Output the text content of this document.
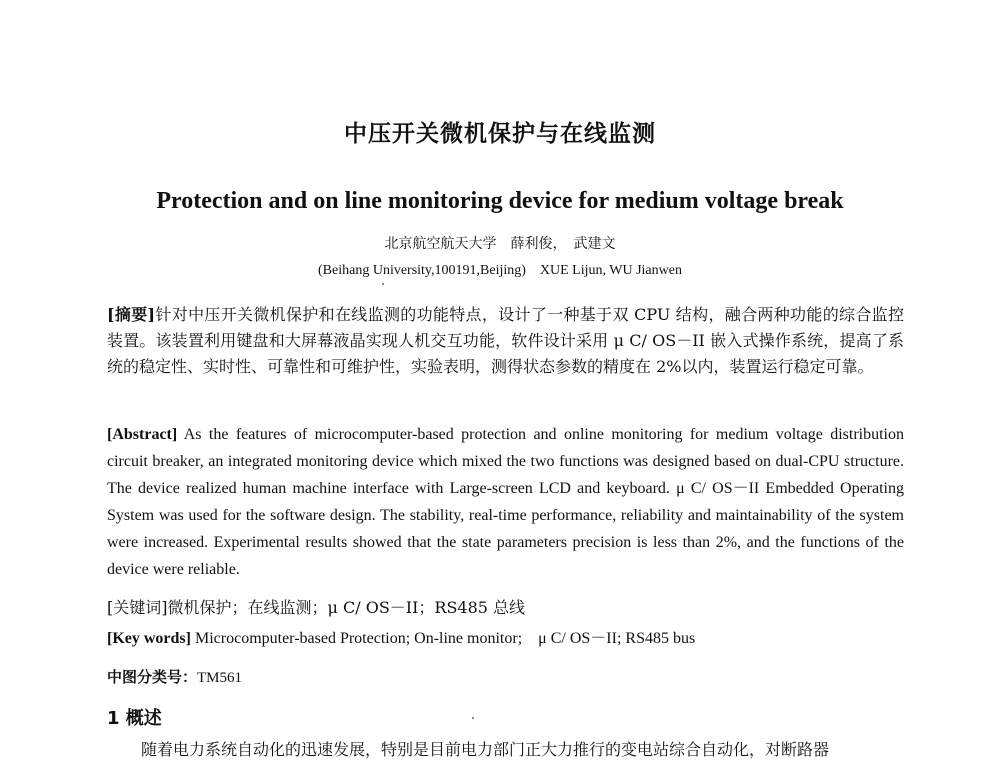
中压开关微机保护与在线监测
Protection and on line monitoring device for medium voltage break
北京航空航天大学　薛利俊，　武建文
(Beihang University,100191,Beijing)　XUE Lijun, WU Jianwen

[摘要]针对中压开关微机保护和在线监测的功能特点，设计了一种基于双 CPU 结构，融合两种功能的综合监控装置。该装置利用键盘和大屏幕液晶实现人机交互功能，软件设计采用 μ C/ OS－II 嵌入式操作系统，提高了系统的稳定性、实时性、可靠性和可维护性，实验表明，测得状态参数的精度在 2%以内，装置运行稳定可靠。

[Abstract] As the features of microcomputer-based protection and online monitoring for medium voltage distribution circuit breaker, an integrated monitoring device which mixed the two functions was designed based on dual-CPU structure. The device realized human machine interface with Large-screen LCD and keyboard. μ C/ OS－II Embedded Operating System was used for the software design. The stability, real-time performance, reliability and maintainability of the system were increased. Experimental results showed that the state parameters precision is less than 2%, and the functions of the device were reliable.

[关键词]微机保护；在线监测；μ C/ OS－II；RS485 总线

[Key words] Microcomputer-based Protection; On-line monitor;　μ C/ OS－II; RS485 bus

中图分类号：TM561

1 概述

随着电力系统自动化的迅速发展，特别是目前电力部门正大力推行的变电站综合自动化，对断路器
